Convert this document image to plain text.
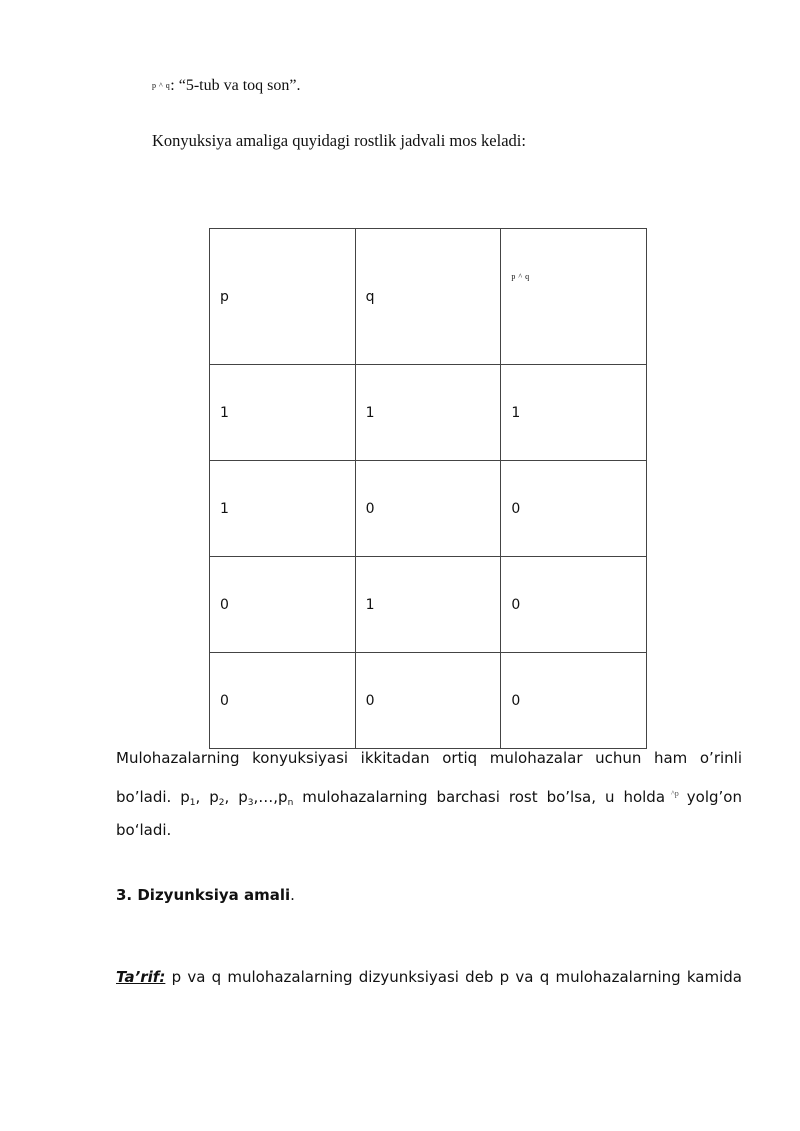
p ^ q: “5-tub va toq son”.
Konyuksiya amaliga quyidagi rostlik jadvali mos keladi:
p	q	p ^ q
1	1	1
1	0	0
0	1	0
0	0	0
Mulohazalarning konyuksiyasi ikkitadan ortiq mulohazalar uchun ham o’rinli
bo’ladi. $p_1$, $p_2$, $p_3,\dots,p_n$ mulohazalarning barchasi rost bo’lsa, u holda $^{\^{}p}$ yolg’on
bo‘ladi.
3. Dizyunksiya amali.
Ta’rif: p va q mulohazalarning dizyunksiyasi deb p va q mulohazalarning kamida
